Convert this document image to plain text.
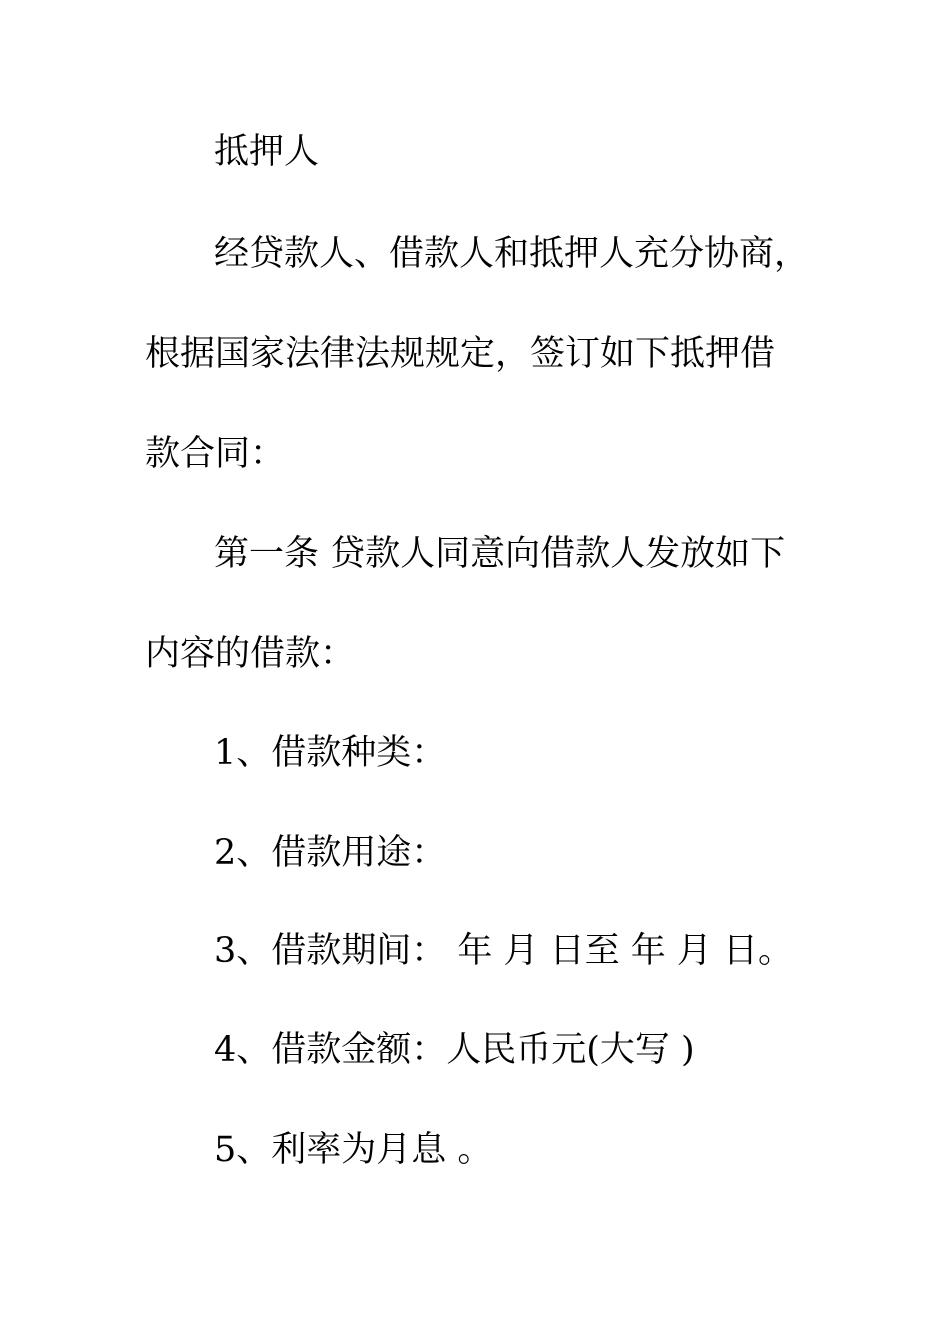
抵押人
经贷款人、借款人和抵押人充分协商，
根据国家法律法规规定，签订如下抵押借
款合同：
第一条 贷款人同意向借款人发放如下
内容的借款：
1、借款种类：
2、借款用途：
3、借款期间： 年 月 日至 年 月 日。
4、借款金额：人民币元(大写 )
5、利率为月息 。
